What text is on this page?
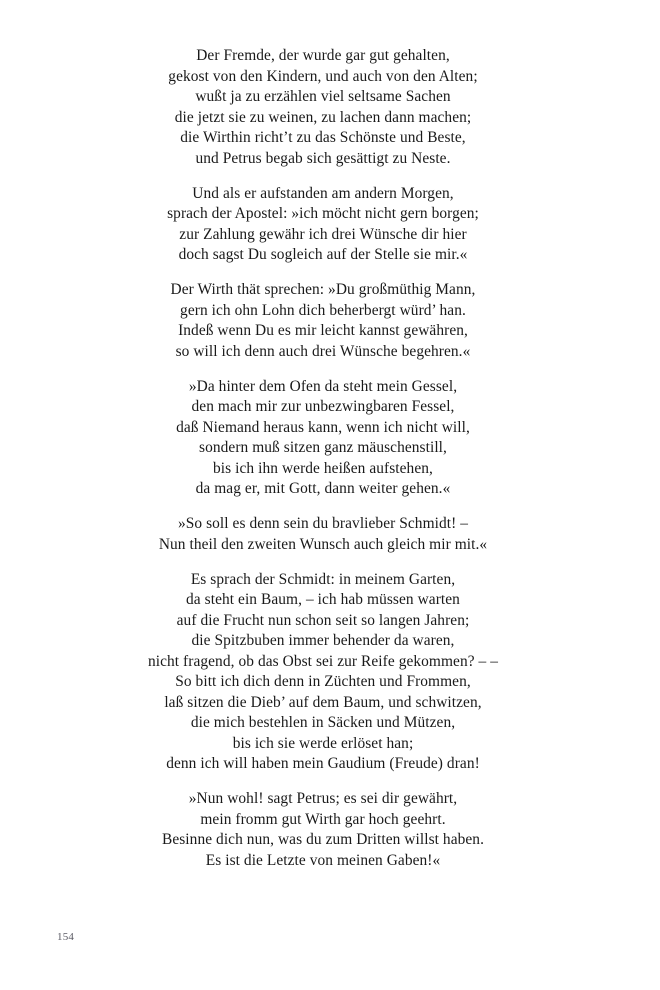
Der Fremde, der wurde gar gut gehalten,
gekost von den Kindern, und auch von den Alten;
wußt ja zu erzählen viel seltsame Sachen
die jetzt sie zu weinen, zu lachen dann machen;
die Wirthin richt’t zu das Schönste und Beste,
und Petrus begab sich gesättigt zu Neste.
Und als er aufstanden am andern Morgen,
sprach der Apostel: »ich möcht nicht gern borgen;
zur Zahlung gewähr ich drei Wünsche dir hier
doch sagst Du sogleich auf der Stelle sie mir.«
Der Wirth thät sprechen: »Du großmüthig Mann,
gern ich ohn Lohn dich beherbergt würd’ han.
Indeß wenn Du es mir leicht kannst gewähren,
so will ich denn auch drei Wünsche begehren.«
»Da hinter dem Ofen da steht mein Gessel,
den mach mir zur unbezwingbaren Fessel,
daß Niemand heraus kann, wenn ich nicht will,
sondern muß sitzen ganz mäuschenstill,
bis ich ihn werde heißen aufstehen,
da mag er, mit Gott, dann weiter gehen.«
»So soll es denn sein du bravlieber Schmidt! –
Nun theil den zweiten Wunsch auch gleich mir mit.«
Es sprach der Schmidt: in meinem Garten,
da steht ein Baum, – ich hab müssen warten
auf die Frucht nun schon seit so langen Jahren;
die Spitzbuben immer behender da waren,
nicht fragend, ob das Obst sei zur Reife gekommen? – –
So bitt ich dich denn in Züchten und Frommen,
laß sitzen die Dieb’ auf dem Baum, und schwitzen,
die mich bestehlen in Säcken und Mützen,
bis ich sie werde erlöset han;
denn ich will haben mein Gaudium (Freude) dran!
»Nun wohl! sagt Petrus; es sei dir gewährt,
mein fromm gut Wirth gar hoch geehrt.
Besinne dich nun, was du zum Dritten willst haben.
Es ist die Letzte von meinen Gaben!«
154
